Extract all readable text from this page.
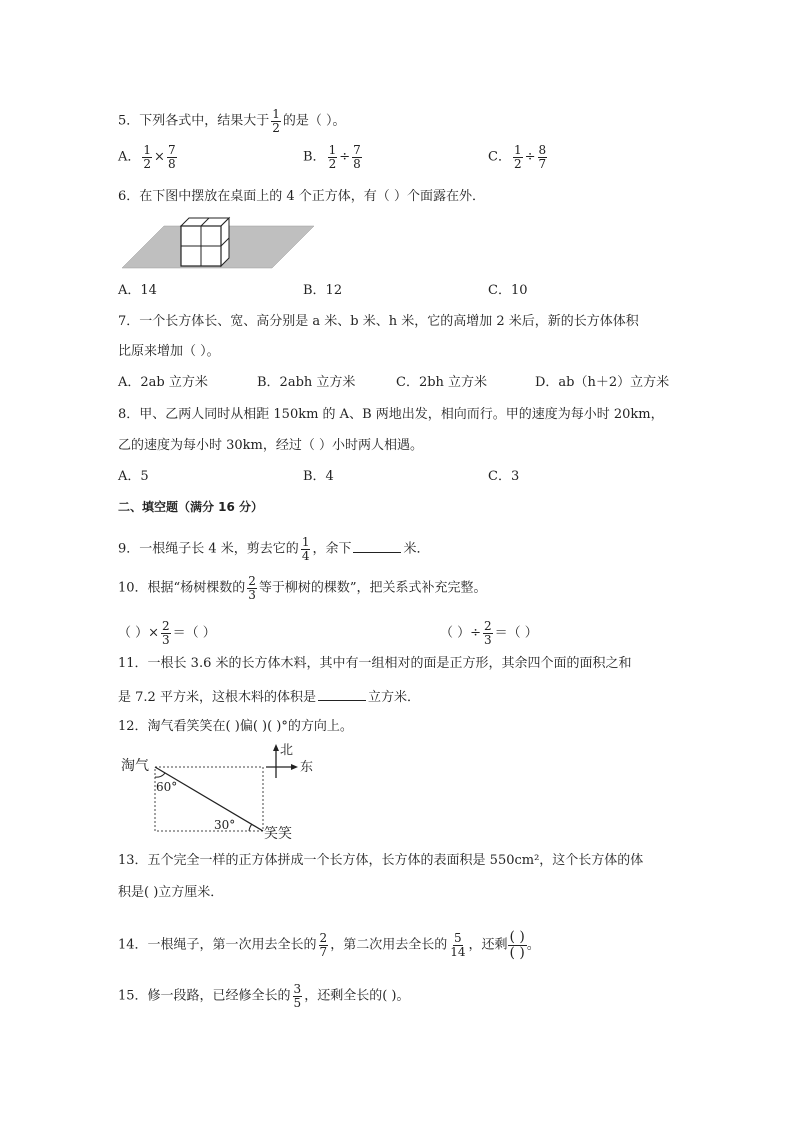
5．下列各式中，结果大于 $\frac{1}{2}$ 的是（ ）。
A． $\frac{1}{2} \times \frac{7}{8}$	B． $\frac{1}{2} \div \frac{7}{8}$	C． $\frac{1}{2} \div \frac{8}{7}$
6．在下图中摆放在桌面上的 4 个正方体，有（ ）个面露在外．
A．14	B．12	C．10
7．一个长方体长、宽、高分别是 a 米、b 米、h 米，它的高增加 2 米后，新的长方体体积
比原来增加（ ）。
A．2ab 立方米	B．2abh 立方米	C．2bh 立方米	D．ab（h＋2）立方米
8．甲、乙两人同时从相距 150km 的 A、B 两地出发，相向而行。甲的速度为每小时 20km，
乙的速度为每小时 30km，经过（ ）小时两人相遇。
A．5	B．4	C．3
二、填空题（满分 16 分）
9．一根绳子长 4 米，剪去它的 $\frac{1}{4}$ ，余下	米．
10．根据“杨树棵数的 $\frac{2}{3}$ 等于柳树的棵数”，把关系式补充完整。
（ ）× $\frac{2}{3}$ ＝（ ）	（ ）÷ $\frac{2}{3}$ ＝（ ）
11．一根长 3.6 米的长方体木料，其中有一组相对的面是正方形，其余四个面的面积之和
是 7.2 平方米，这根木料的体积是	立方米．
12．淘气看笑笑在( )偏( )( )°的方向上。
淘气
60°
30°
笑笑
北
东
13．五个完全一样的正方体拼成一个长方体，长方体的表面积是 550cm²，这个长方体的体
积是( )立方厘米．
14．一根绳子，第一次用去全长的 $\frac{2}{7}$ ，第二次用去全长的 $\frac{5}{14}$ ，还剩 $\frac{( )}{( )}$ 。
15．修一段路，已经修全长的 $\frac{3}{5}$ ，还剩全长的( )。
